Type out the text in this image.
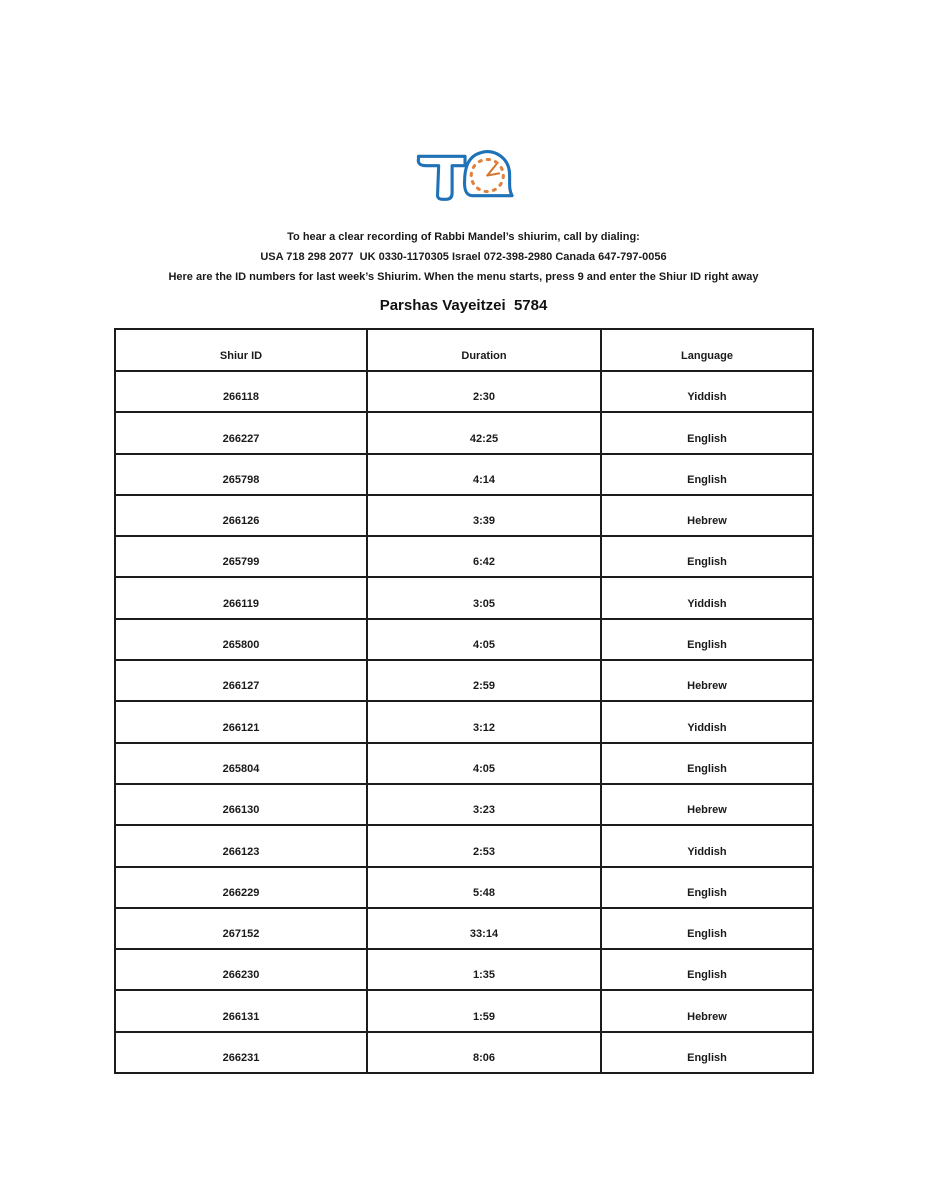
To hear a clear recording of Rabbi Mandel’s shiurim, call by dialing:
USA 718 298 2077  UK 0330-1170305 Israel 072-398-2980 Canada 647-797-0056
Here are the ID numbers for last week’s Shiurim. When the menu starts, press 9 and enter the Shiur ID right away
Parshas Vayeitzei  5784
Shiur ID	Duration	Language
266118	2:30	Yiddish
266227	42:25	English
265798	4:14	English
266126	3:39	Hebrew
265799	6:42	English
266119	3:05	Yiddish
265800	4:05	English
266127	2:59	Hebrew
266121	3:12	Yiddish
265804	4:05	English
266130	3:23	Hebrew
266123	2:53	Yiddish
266229	5:48	English
267152	33:14	English
266230	1:35	English
266131	1:59	Hebrew
266231	8:06	English
